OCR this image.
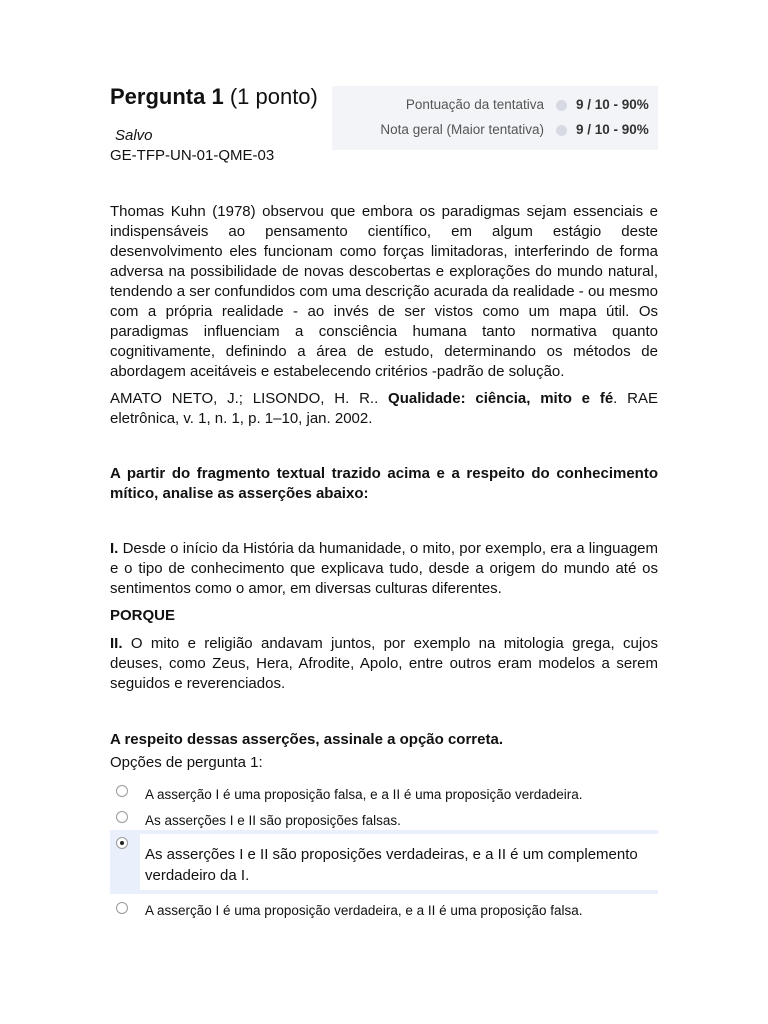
Pergunta 1 (1 ponto)
Salvo
GE-TFP-UN-01-QME-03
Pontuação da tentativa 9 / 10 - 90%
Nota geral (Maior tentativa) 9 / 10 - 90%
Thomas Kuhn (1978) observou que embora os paradigmas sejam essenciais e indispensáveis ao pensamento científico, em algum estágio deste desenvolvimento eles funcionam como forças limitadoras, interferindo de forma adversa na possibilidade de novas descobertas e explorações do mundo natural, tendendo a ser confundidos com uma descrição acurada da realidade - ou mesmo com a própria realidade - ao invés de ser vistos como um mapa útil. Os paradigmas influenciam a consciência humana tanto normativa quanto cognitivamente, definindo a área de estudo, determinando os métodos de abordagem aceitáveis e estabelecendo critérios -padrão de solução.
AMATO NETO, J.; LISONDO, H. R.. Qualidade: ciência, mito e fé. RAE eletrônica, v. 1, n. 1, p. 1–10, jan. 2002.
A partir do fragmento textual trazido acima e a respeito do conhecimento mítico, analise as asserções abaixo:
I. Desde o início da História da humanidade, o mito, por exemplo, era a linguagem e o tipo de conhecimento que explicava tudo, desde a origem do mundo até os sentimentos como o amor, em diversas culturas diferentes.
PORQUE
II. O mito e religião andavam juntos, por exemplo na mitologia grega, cujos deuses, como Zeus, Hera, Afrodite, Apolo, entre outros eram modelos a serem seguidos e reverenciados.
A respeito dessas asserções, assinale a opção correta.
Opções de pergunta 1:
A asserção I é uma proposição falsa, e a II é uma proposição verdadeira.
As asserções I e II são proposições falsas.
As asserções I e II são proposições verdadeiras, e a II é um complemento verdadeiro da I.
A asserção I é uma proposição verdadeira, e a II é uma proposição falsa.
